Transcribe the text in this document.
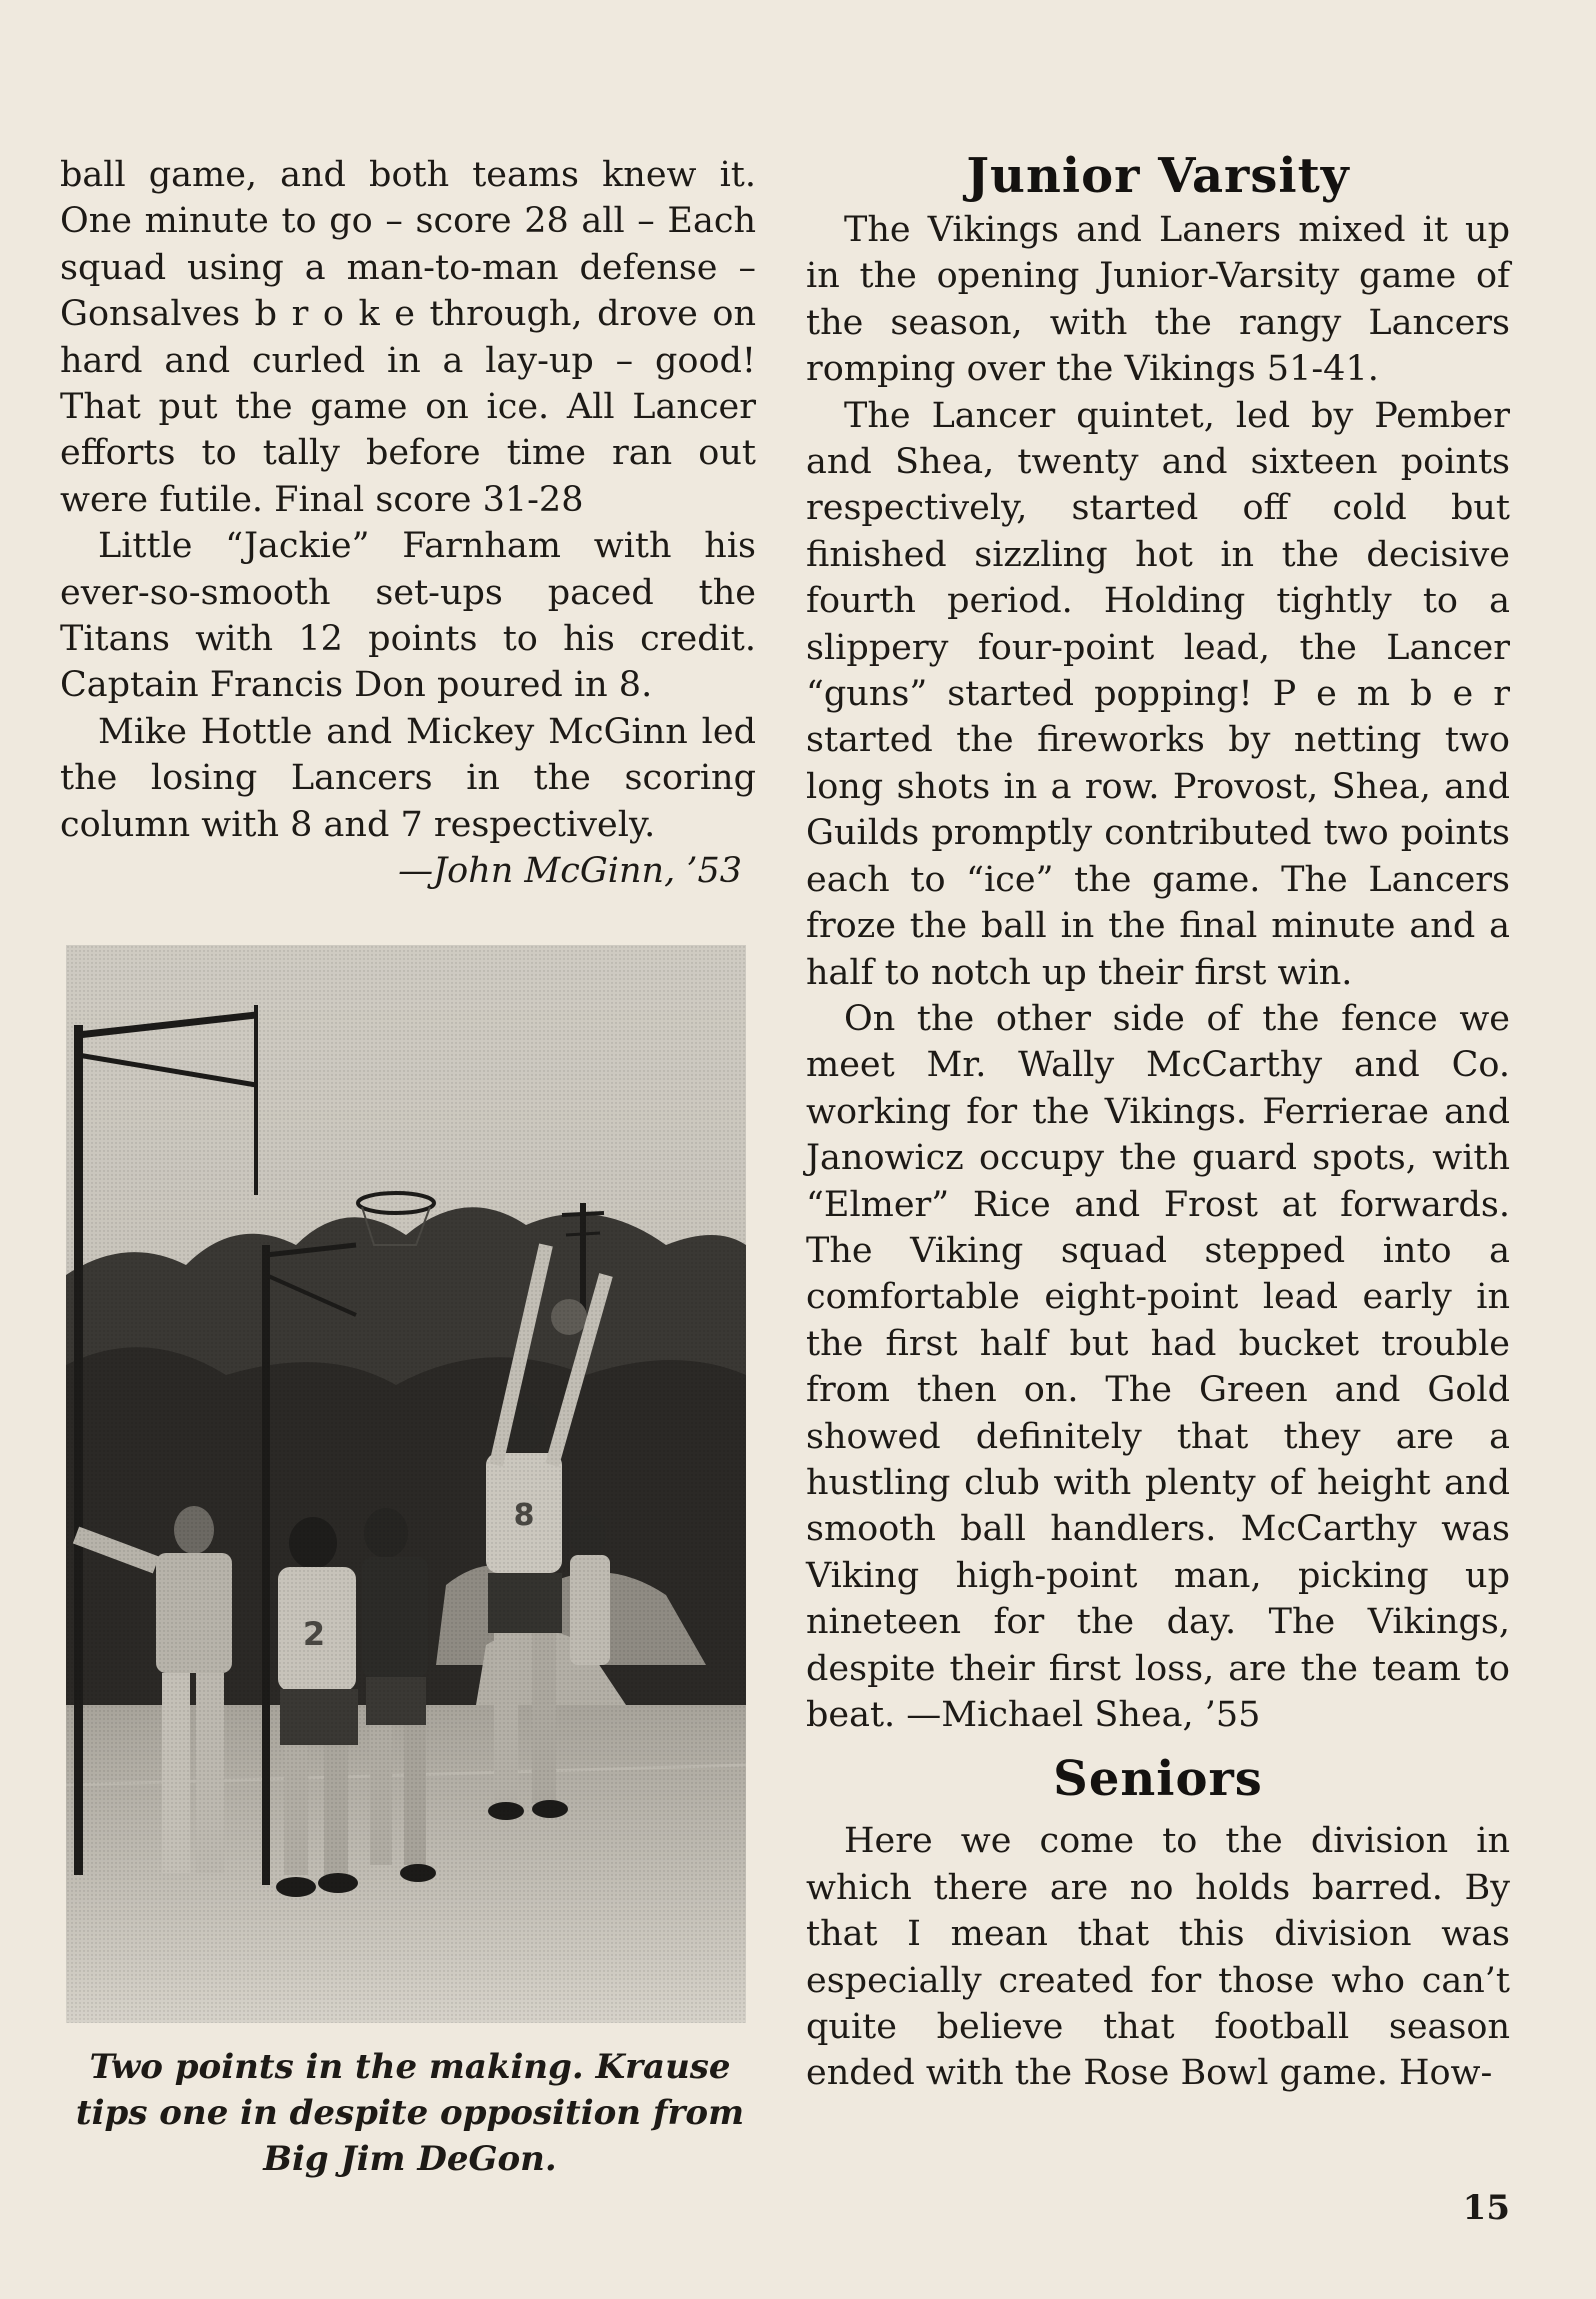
ball game, and both teams knew it. One minute to go – score 28 all – Each squad using a man-to-man defense – Gonsalves b r o k e through, drove on hard and curled in a lay-up – good! That put the game on ice. All Lancer efforts to tally before time ran out were futile. Final score 31-28

Little “Jackie” Farnham with his ever-so-smooth set-ups paced the Titans with 12 points to his credit. Captain Francis Don poured in 8.

Mike Hottle and Mickey McGinn led the losing Lancers in the scoring column with 8 and 7 respectively.

—John McGinn, ’53
Two points in the making. Krause tips one in despite opposition from Big Jim DeGon.
Junior Varsity

The Vikings and Laners mixed it up in the opening Junior-Varsity game of the season, with the rangy Lancers romping over the Vikings 51-41.

The Lancer quintet, led by Pember and Shea, twenty and sixteen points respectively, started off cold but finished sizzling hot in the decisive fourth period. Holding tightly to a slippery four-point lead, the Lancer “guns” started popping! P e m b e r started the fireworks by netting two long shots in a row. Provost, Shea, and Guilds promptly contributed two points each to “ice” the game. The Lancers froze the ball in the final minute and a half to notch up their first win.

On the other side of the fence we meet Mr. Wally McCarthy and Co. working for the Vikings. Ferrierae and Janowicz occupy the guard spots, with “Elmer” Rice and Frost at forwards. The Viking squad stepped into a comfortable eight-point lead early in the first half but had bucket trouble from then on. The Green and Gold showed definitely that they are a hustling club with plenty of height and smooth ball handlers. McCarthy was Viking high-point man, picking up nineteen for the day. The Vikings, despite their first loss, are the team to beat. —Michael Shea, ’55

Seniors

Here we come to the division in which there are no holds barred. By that I mean that this division was especially created for those who can’t quite believe that football season ended with the Rose Bowl game. How-

15
